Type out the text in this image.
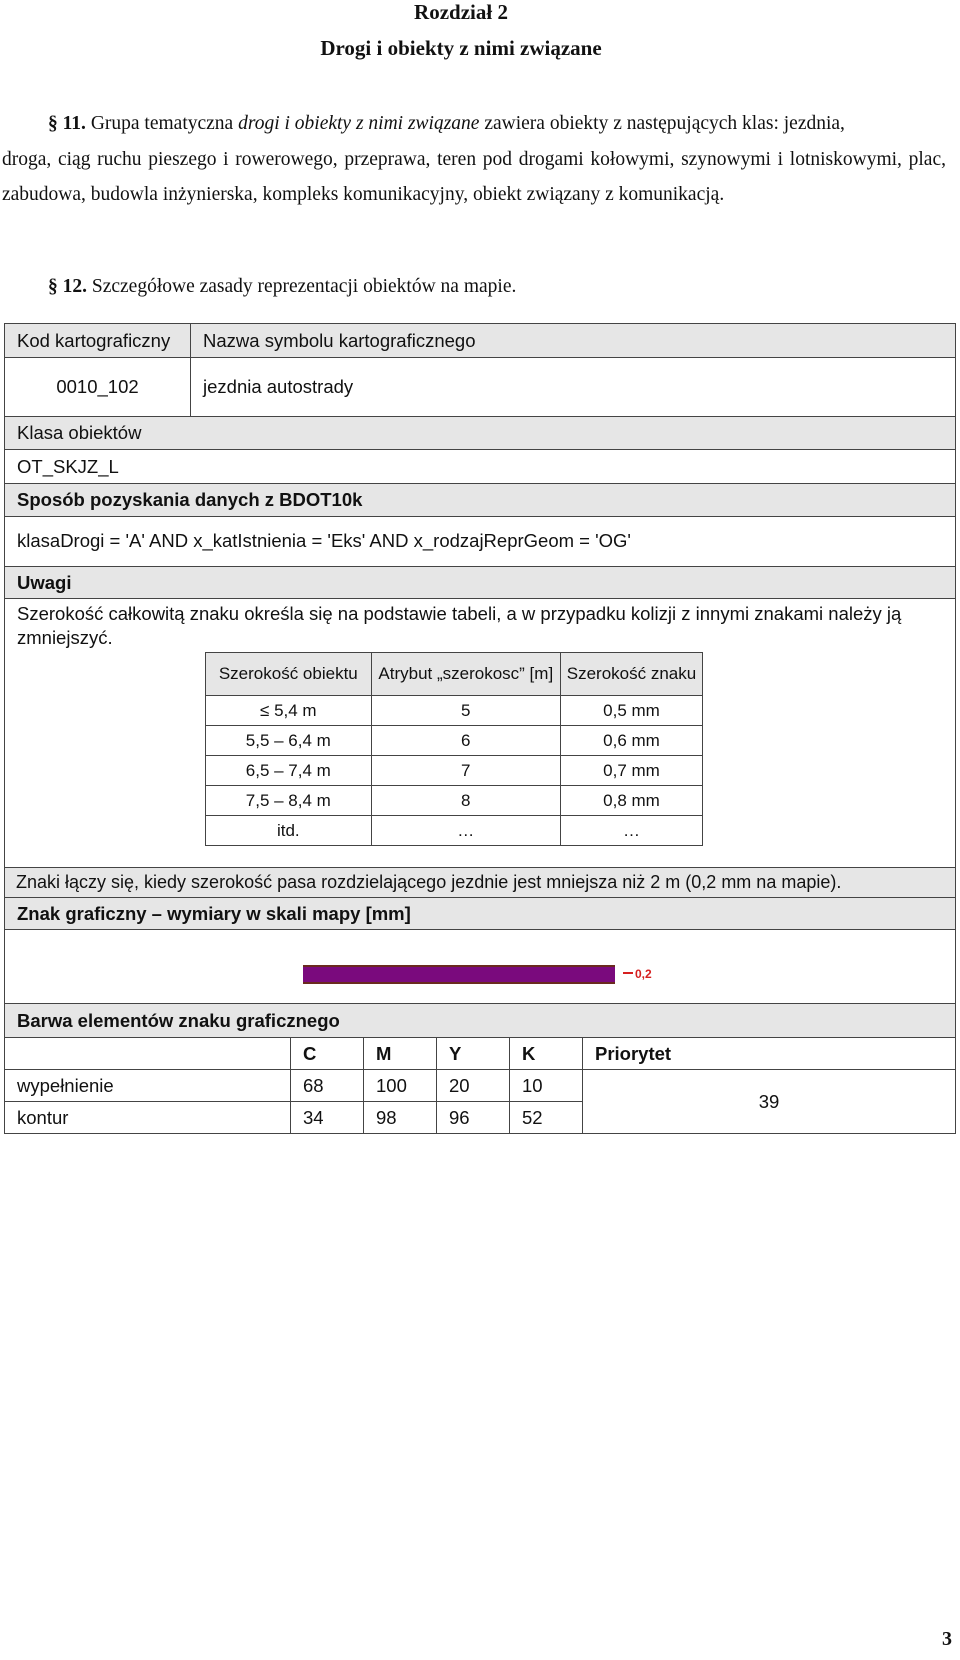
Rozdział 2
Drogi i obiekty z nimi związane
§ 11. Grupa tematyczna drogi i obiekty z nimi związane zawiera obiekty z następujących klas: jezdnia,
droga, ciąg ruchu pieszego i rowerowego, przeprawa, teren pod drogami kołowymi, szynowymi i lotniskowymi, plac, zabudowa, budowla inżynierska, kompleks komunikacyjny, obiekt związany z komunikacją.
§ 12. Szczegółowe zasady reprezentacji obiektów na mapie.
Kod kartograficzny	Nazwa symbolu kartograficznego
0010_102	jezdnia autostrady
Klasa obiektów
OT_SKJZ_L
Sposób pozyskania danych z BDOT10k
klasaDrogi = 'A' AND x_katIstnienia = 'Eks' AND x_rodzajReprGeom = 'OG'
Uwagi
Szerokość całkowitą znaku określa się na podstawie tabeli, a w przypadku kolizji z innymi znakami należy ją zmniejszyć.
Szerokość obiektu	Atrybut „szerokosc” [m]	Szerokość znaku
≤ 5,4 m	5	0,5 mm
5,5 – 6,4 m	6	0,6 mm
6,5 – 7,4 m	7	0,7 mm
7,5 – 8,4 m	8	0,8 mm
itd.	…	…
Znaki łączy się, kiedy szerokość pasa rozdzielającego jezdnie jest mniejsza niż 2 m (0,2 mm na mapie).
Znak graficzny – wymiary w skali mapy [mm]
0,2
Barwa elementów znaku graficznego
	C	M	Y	K	Priorytet
wypełnienie	68	100	20	10	39
kontur	34	98	96	52	
3
